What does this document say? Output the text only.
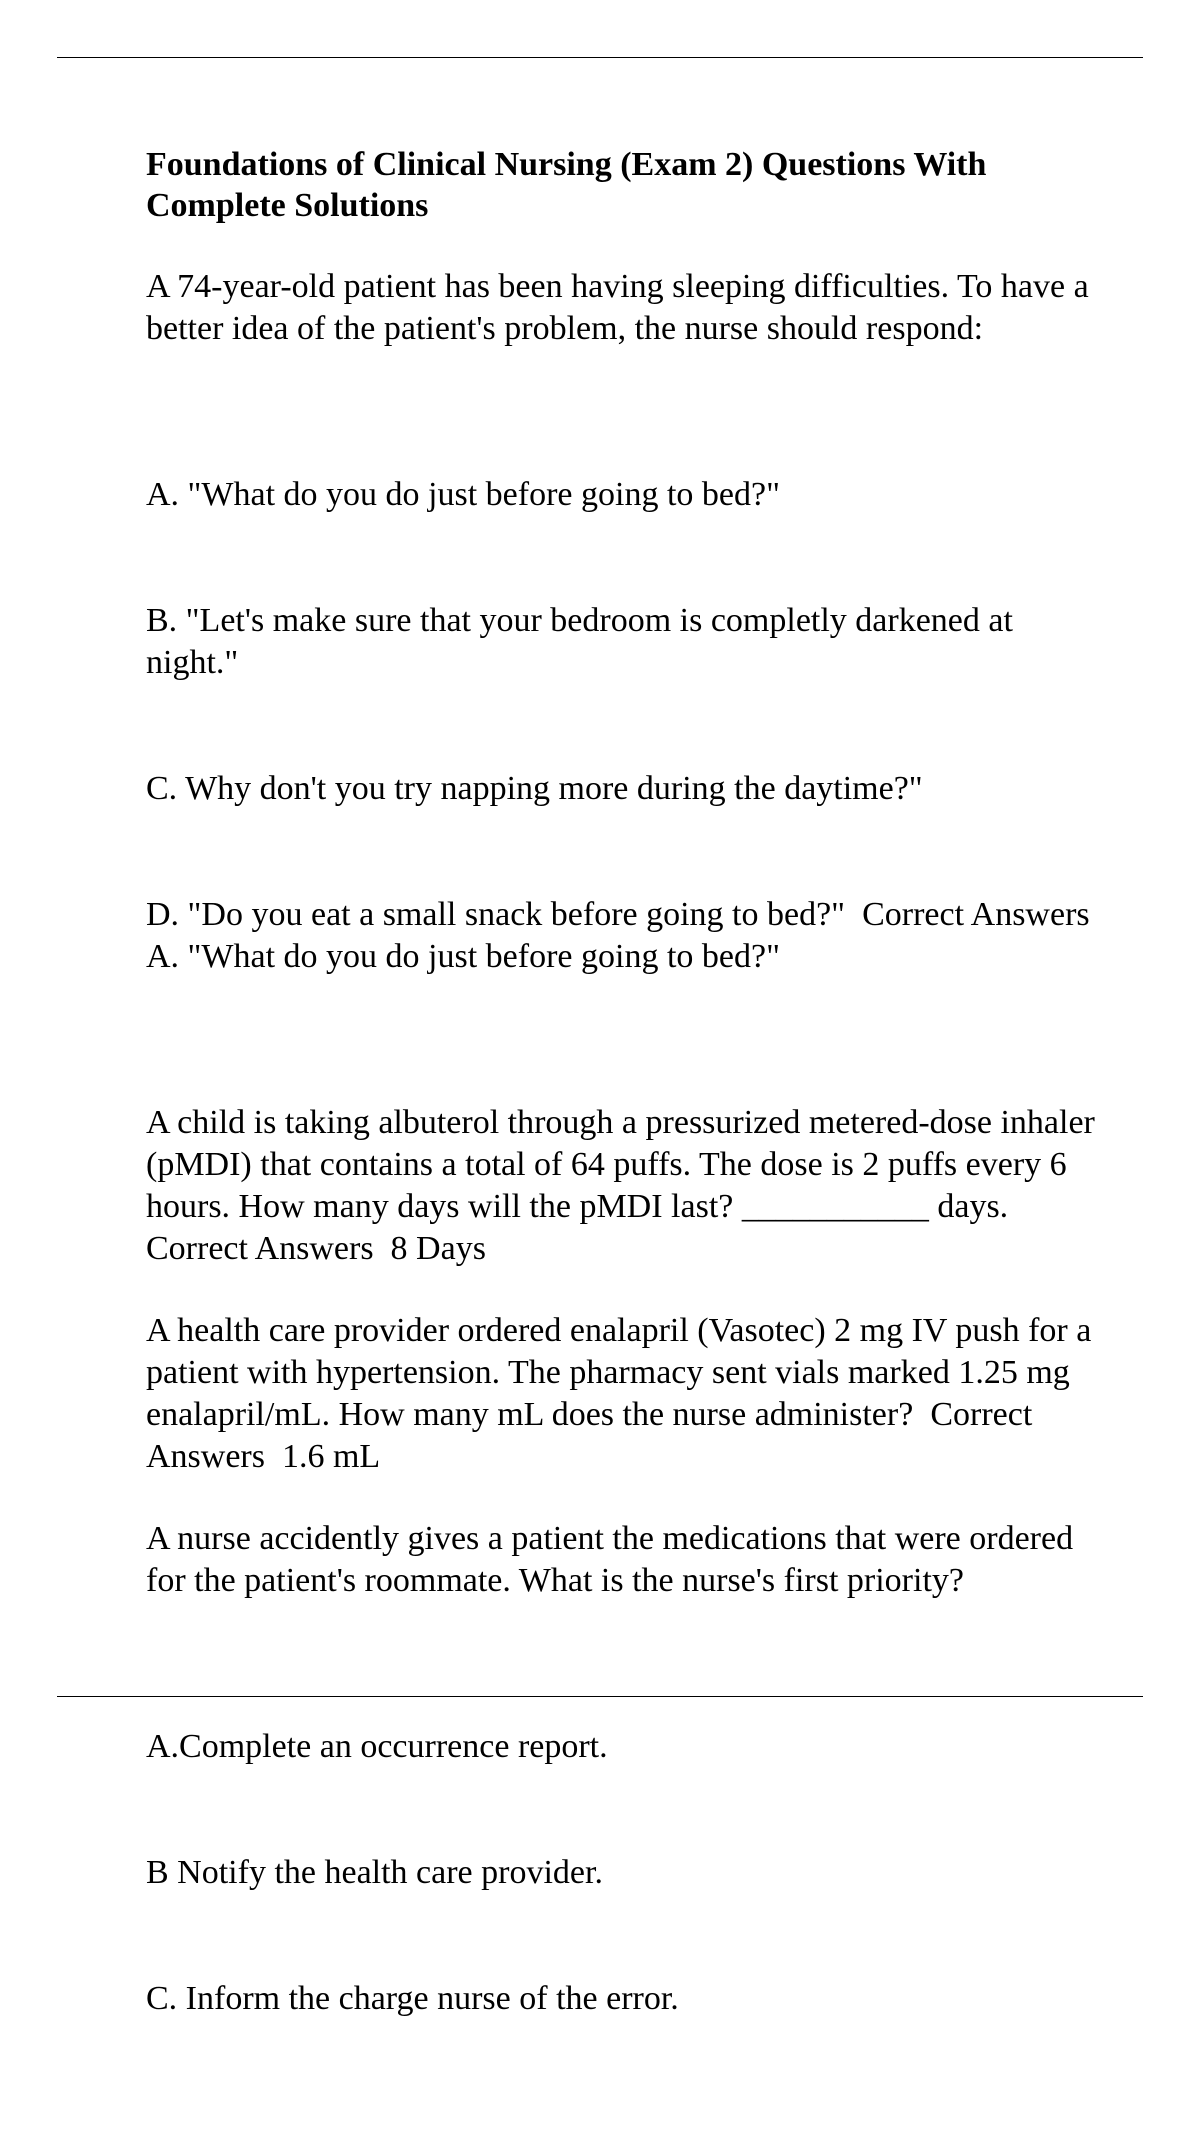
Foundations of Clinical Nursing (Exam 2) Questions With Complete Solutions

A 74-year-old patient has been having sleeping difficulties. To have a better idea of the patient's problem, the nurse should respond:

A. "What do you do just before going to bed?"

B. "Let's make sure that your bedroom is completly darkened at night."

C. Why don't you try napping more during the daytime?"

D. "Do you eat a small snack before going to bed?"  Correct Answers  A. "What do you do just before going to bed?"

A child is taking albuterol through a pressurized metered-dose inhaler (pMDI) that contains a total of 64 puffs. The dose is 2 puffs every 6 hours. How many days will the pMDI last? ___________ days.  Correct Answers  8 Days

A health care provider ordered enalapril (Vasotec) 2 mg IV push for a patient with hypertension. The pharmacy sent vials marked 1.25 mg enalapril/mL. How many mL does the nurse administer?  Correct Answers  1.6 mL

A nurse accidently gives a patient the medications that were ordered for the patient's roommate. What is the nurse's first priority?

A.Complete an occurrence report.

B Notify the health care provider.

C. Inform the charge nurse of the error.
